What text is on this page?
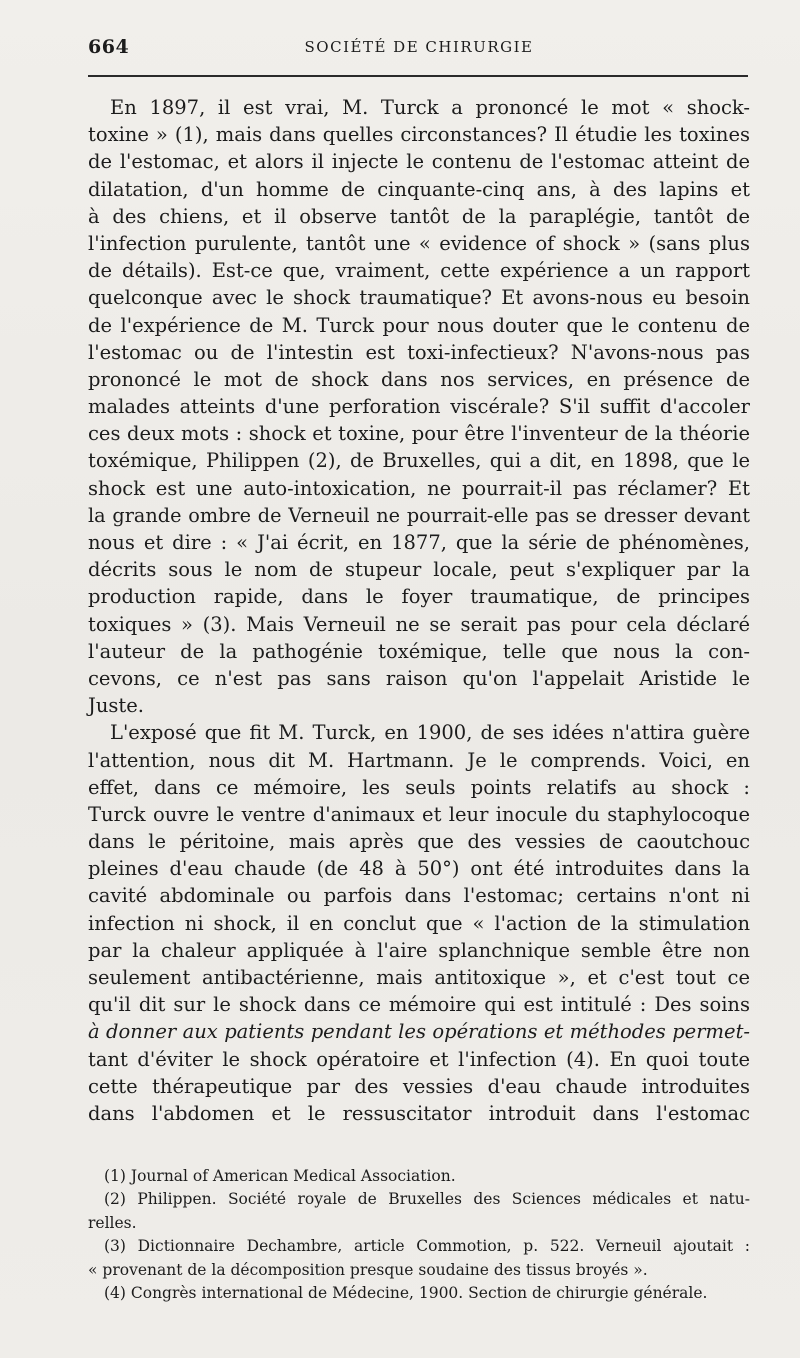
664	SOCIÉTÉ DE CHIRURGIE
En 1897, il est vrai, M. Turck a prononcé le mot « shock-
toxine » (1), mais dans quelles circonstances? Il étudie les toxines
de l'estomac, et alors il injecte le contenu de l'estomac atteint de
dilatation, d'un homme de cinquante-cinq ans, à des lapins et
à des chiens, et il observe tantôt de la paraplégie, tantôt de
l'infection purulente, tantôt une « evidence of shock » (sans plus
de détails). Est-ce que, vraiment, cette expérience a un rapport
quelconque avec le shock traumatique? Et avons-nous eu besoin
de l'expérience de M. Turck pour nous douter que le contenu de
l'estomac ou de l'intestin est toxi-infectieux? N'avons-nous pas
prononcé le mot de shock dans nos services, en présence de
malades atteints d'une perforation viscérale? S'il suffit d'accoler
ces deux mots : shock et toxine, pour être l'inventeur de la théorie
toxémique, Philippen (2), de Bruxelles, qui a dit, en 1898, que le
shock est une auto-intoxication, ne pourrait-il pas réclamer? Et
la grande ombre de Verneuil ne pourrait-elle pas se dresser devant
nous et dire : « J'ai écrit, en 1877, que la série de phénomènes,
décrits sous le nom de stupeur locale, peut s'expliquer par la
production rapide, dans le foyer traumatique, de principes
toxiques » (3). Mais Verneuil ne se serait pas pour cela déclaré
l'auteur de la pathogénie toxémique, telle que nous la con-
cevons, ce n'est pas sans raison qu'on l'appelait Aristide le
Juste.
L'exposé que fit M. Turck, en 1900, de ses idées n'attira guère
l'attention, nous dit M. Hartmann. Je le comprends. Voici, en
effet, dans ce mémoire, les seuls points relatifs au shock :
Turck ouvre le ventre d'animaux et leur inocule du staphylocoque
dans le péritoine, mais après que des vessies de caoutchouc
pleines d'eau chaude (de 48 à 50°) ont été introduites dans la
cavité abdominale ou parfois dans l'estomac; certains n'ont ni
infection ni shock, il en conclut que « l'action de la stimulation
par la chaleur appliquée à l'aire splanchnique semble être non
seulement antibactérienne, mais antitoxique », et c'est tout ce
qu'il dit sur le shock dans ce mémoire qui est intitulé : Des soins
à donner aux patients pendant les opérations et méthodes permet-
tant d'éviter le shock opératoire et l'infection (4). En quoi toute
cette thérapeutique par des vessies d'eau chaude introduites
dans l'abdomen et le ressuscitator introduit dans l'estomac
(1) Journal of American Medical Association.
(2) Philippen. Société royale de Bruxelles des Sciences médicales et natu-
relles.
(3) Dictionnaire Dechambre, article Commotion, p. 522. Verneuil ajoutait :
« provenant de la décomposition presque soudaine des tissus broyés ».
(4) Congrès international de Médecine, 1900. Section de chirurgie générale.
